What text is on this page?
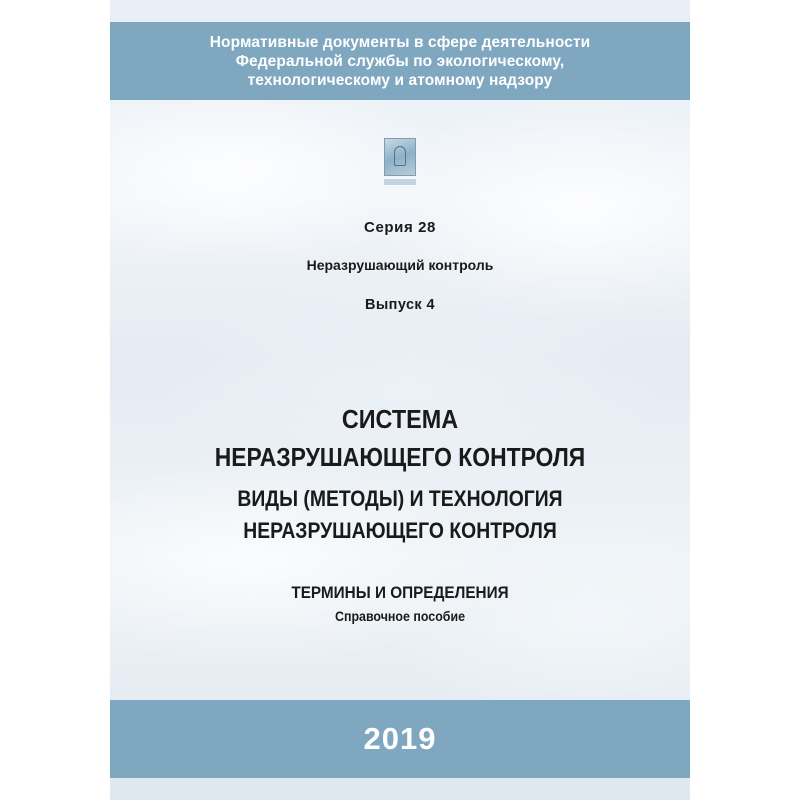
Нормативные документы в сфере деятельности
Федеральной службы по экологическому,
технологическому и атомному надзору
Серия 28
Неразрушающий контроль
Выпуск 4
СИСТЕМА
НЕРАЗРУШАЮЩЕГО КОНТРОЛЯ
ВИДЫ (МЕТОДЫ) И ТЕХНОЛОГИЯ
НЕРАЗРУШАЮЩЕГО КОНТРОЛЯ
ТЕРМИНЫ И ОПРЕДЕЛЕНИЯ
Справочное пособие
2019
